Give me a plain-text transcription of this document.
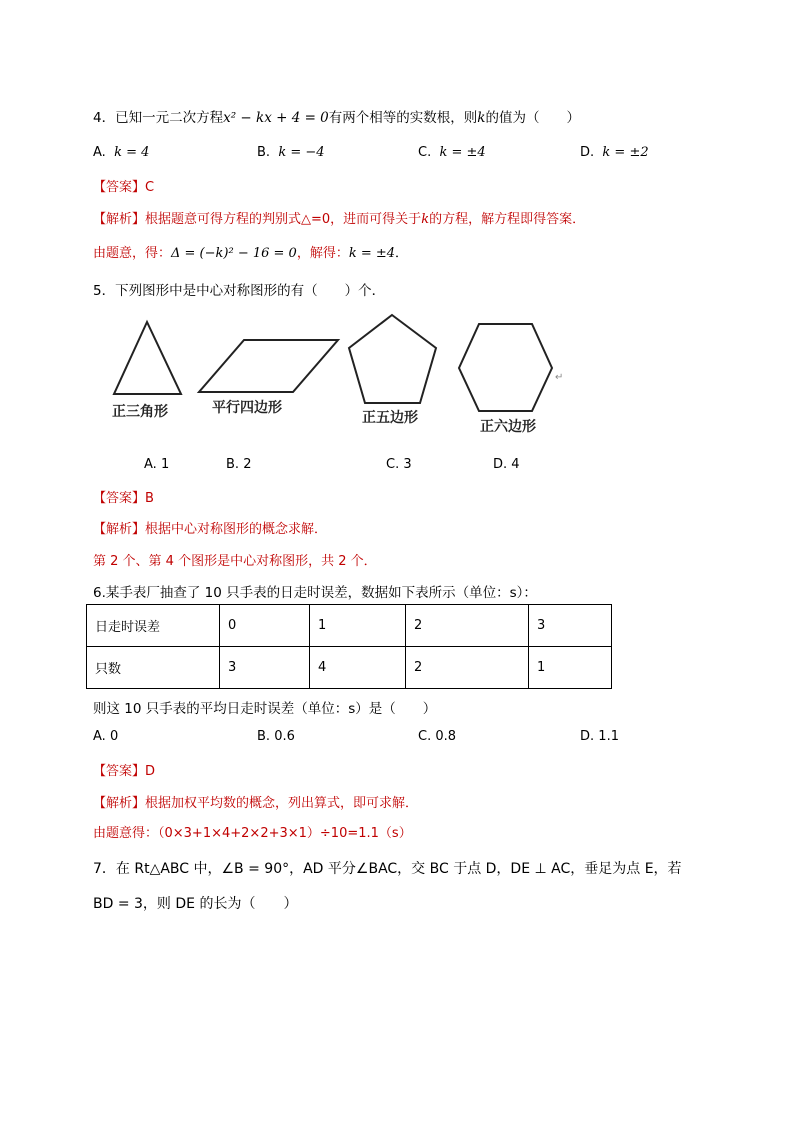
4．已知一元二次方程x² − kx + 4 = 0有两个相等的实数根，则k的值为（　　）
A. k = 4	B. k = −4	C. k = ±4	D. k = ±2
【答案】C
【解析】根据题意可得方程的判别式△=0，进而可得关于k的方程，解方程即得答案．
由题意，得：Δ = (−k)² − 16 = 0，解得：k = ±4．
5．下列图形中是中心对称图形的有（　　）个．
正三角形	平行四边形
正五边形
正六边形
↵
A. 1	B. 2	C. 3	D. 4
【答案】B
【解析】根据中心对称图形的概念求解．
第 2 个、第 4 个图形是中心对称图形，共 2 个．
6.某手表厂抽查了 10 只手表的日走时误差，数据如下表所示（单位：s）：
日走时误差	0	1	2	3
只数	3	4	2	1
则这 10 只手表的平均日走时误差（单位：s）是（　　）
A. 0	B. 0.6	C. 0.8	D. 1.1
【答案】D
【解析】根据加权平均数的概念，列出算式，即可求解．
由题意得：（0×3+1×4+2×2+3×1）÷10=1.1（s）
7．在 Rt△ABC 中，∠B = 90°，AD 平分∠BAC，交 BC 于点 D，DE ⊥ AC，垂足为点 E，若
BD = 3，则 DE 的长为（　　）
